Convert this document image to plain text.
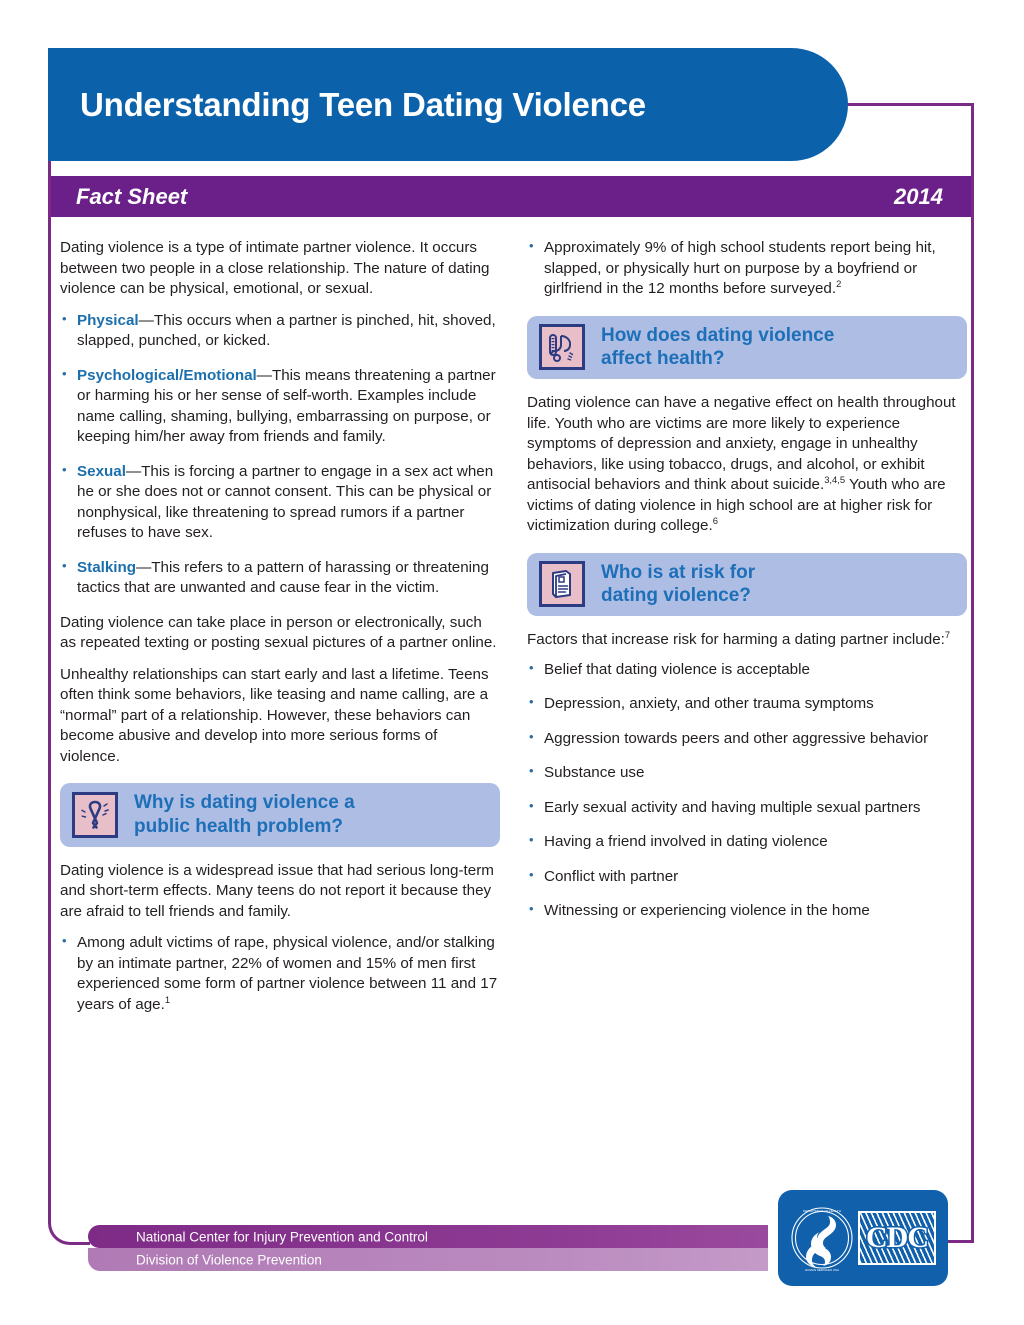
Understanding Teen Dating Violence
Fact Sheet	2014

Dating violence is a type of intimate partner violence. It occurs between two people in a close relationship. The nature of dating violence can be physical, emotional, or sexual.

• Physical—This occurs when a partner is pinched, hit, shoved, slapped, punched, or kicked.
• Psychological/Emotional—This means threatening a partner or harming his or her sense of self-worth. Examples include name calling, shaming, bullying, embarrassing on purpose, or keeping him/her away from friends and family.
• Sexual—This is forcing a partner to engage in a sex act when he or she does not or cannot consent. This can be physical or nonphysical, like threatening to spread rumors if a partner refuses to have sex.
• Stalking—This refers to a pattern of harassing or threatening tactics that are unwanted and cause fear in the victim.

Dating violence can take place in person or electronically, such as repeated texting or posting sexual pictures of a partner online.

Unhealthy relationships can start early and last a lifetime. Teens often think some behaviors, like teasing and name calling, are a “normal” part of a relationship. However, these behaviors can become abusive and develop into more serious forms of violence.

Why is dating violence a
public health problem?

Dating violence is a widespread issue that had serious long-term and short-term effects. Many teens do not report it because they are afraid to tell friends and family.

• Among adult victims of rape, physical violence, and/or stalking by an intimate partner, 22% of women and 15% of men first experienced some form of partner violence between 11 and 17 years of age.$^1$
• Approximately 9% of high school students report being hit, slapped, or physically hurt on purpose by a boyfriend or girlfriend in the 12 months before surveyed.$^2$
How does dating violence
affect health?

Dating violence can have a negative effect on health throughout life. Youth who are victims are more likely to experience symptoms of depression and anxiety, engage in unhealthy behaviors, like using tobacco, drugs, and alcohol, or exhibit antisocial behaviors and think about suicide.$^{3,4,5}$ Youth who are victims of dating violence in high school are at higher risk for victimization during college.$^6$

Who is at risk for
dating violence?

Factors that increase risk for harming a dating partner include:$^7$

• Belief that dating violence is acceptable
• Depression, anxiety, and other trauma symptoms
• Aggression towards peers and other aggressive behavior
• Substance use
• Early sexual activity and having multiple sexual partners
• Having a friend involved in dating violence
• Conflict with partner
• Witnessing or experiencing violence in the home
National Center for Injury Prevention and Control
Division of Violence Prevention
DEPARTMENT OF HEALTH
HUMAN SERVICES USA
CDC
